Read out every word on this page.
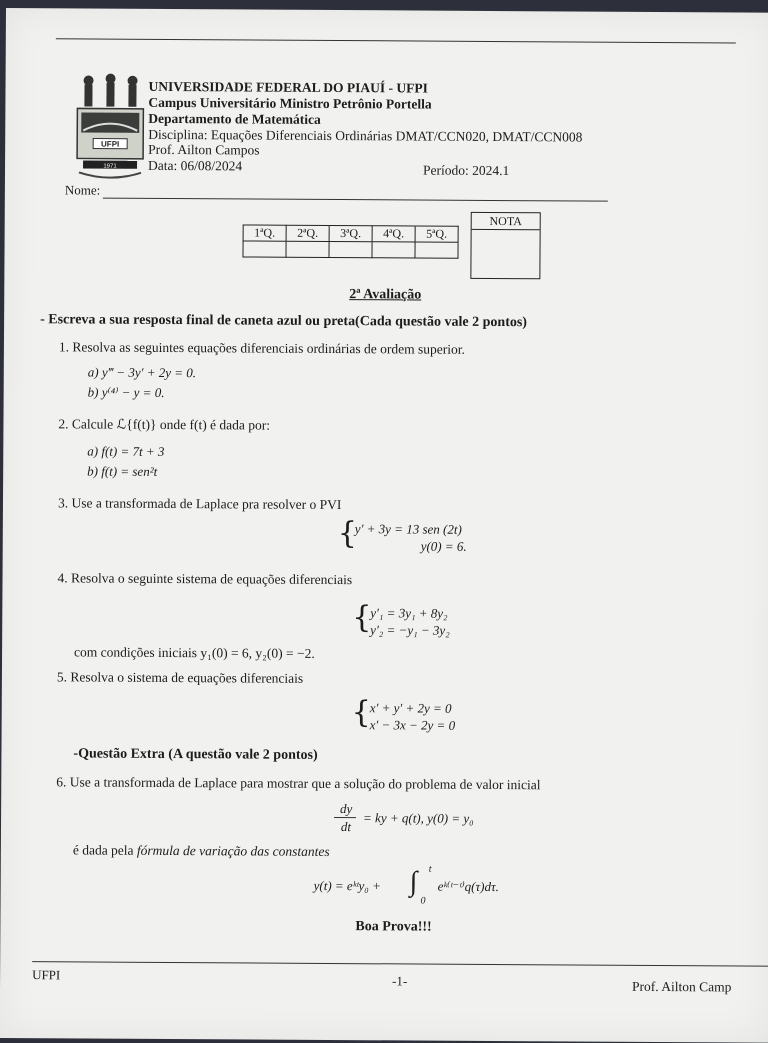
UFPI
1971
UNIVERSIDADE FEDERAL DO PIAUÍ - UFPI
Campus Universitário Ministro Petrônio Portella
Departamento de Matemática
Disciplina: Equações Diferenciais Ordinárias DMAT/CCN020, DMAT/CCN008
Prof. Ailton Campos
Data: 06/08/2024	Período: 2024.1
Nome:
1ªQ.	2ªQ.	3ªQ.	4ªQ.	5ªQ.

NOTA
2ª Avaliação
- Escreva a sua resposta final de caneta azul ou preta(Cada questão vale 2 pontos)
1. Resolva as seguintes equações diferenciais ordinárias de ordem superior.
a) y‴ − 3y′ + 2y = 0.
b) y⁽⁴⁾ − y = 0.
2. Calcule ℒ{f(t)} onde f(t) é dada por:
a) f(t) = 7t + 3
b) f(t) = sen²t
3. Use a transformada de Laplace pra resolver o PVI
{
y′ + 3y = 13 sen (2t)
y(0) = 6.
4. Resolva o seguinte sistema de equações diferenciais
{
y′₁ = 3y₁ + 8y₂
y′₂ = −y₁ − 3y₂
com condições iniciais y₁(0) = 6, y₂(0) = −2.
5. Resolva o sistema de equações diferenciais
{
x′ + y′ + 2y = 0
x′ − 3x − 2y = 0
-Questão Extra (A questão vale 2 pontos)
6. Use a transformada de Laplace para mostrar que a solução do problema de valor inicial
dy
dt
= ky + q(t), y(0) = y₀
é dada pela fórmula de variação das constantes
y(t) = eᵏᵗy₀ + ∫ t
0
eᵏ⁽ᵗ⁻ᵗ⁾q(τ)dτ.
Boa Prova!!!
UFPI	-1-	Prof. Ailton Camp
